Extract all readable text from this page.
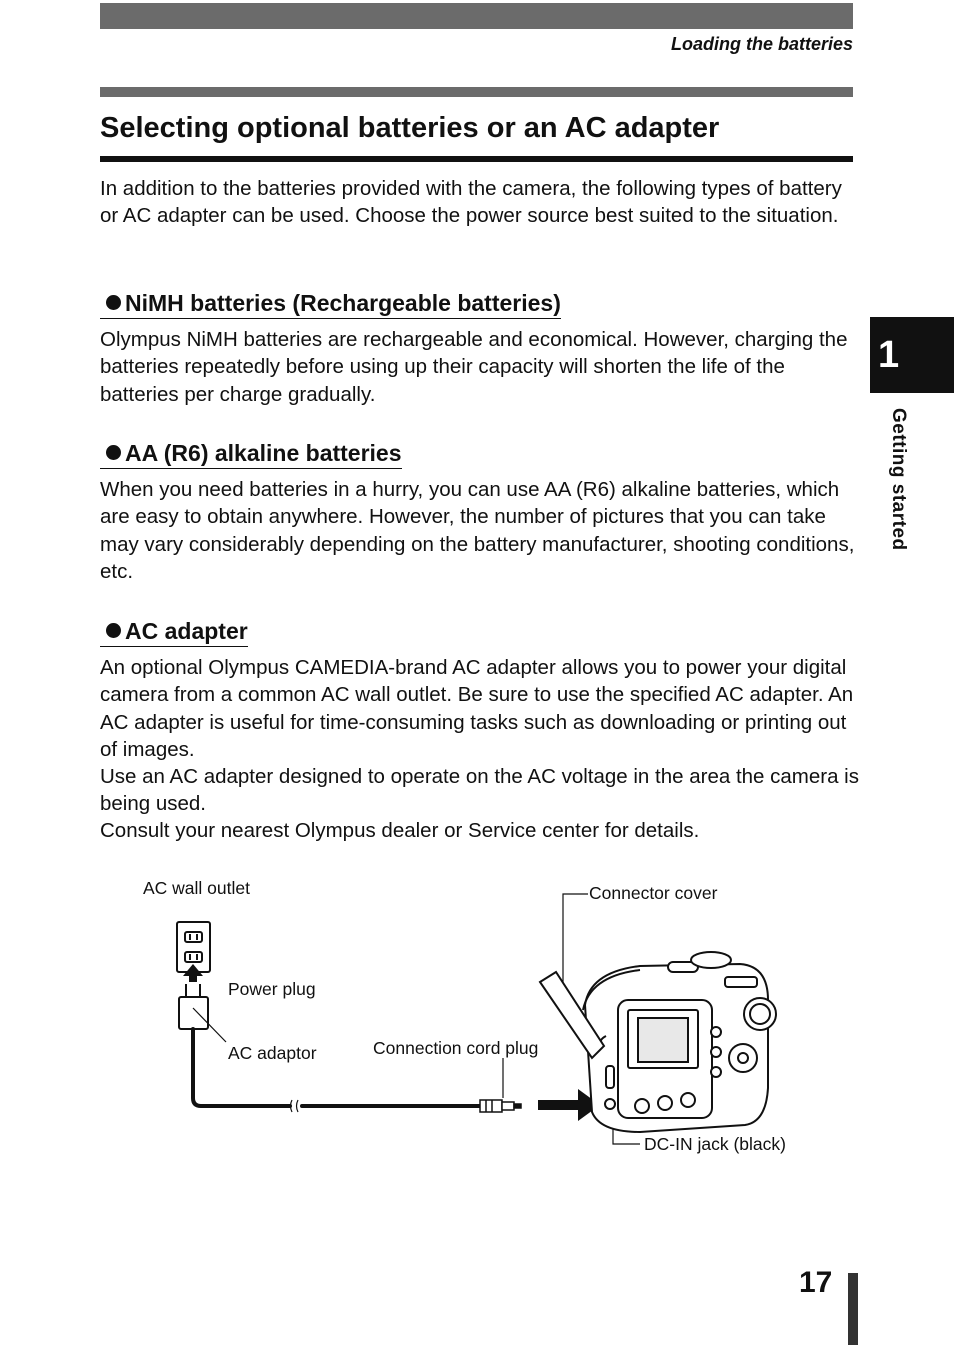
Loading the batteries
Selecting optional batteries or an AC adapter
In addition to the batteries provided with the camera, the following types of battery or AC adapter can be used. Choose the power source best suited to the situation.
NiMH batteries (Rechargeable batteries)
Olympus NiMH batteries are rechargeable and economical. However, charging the batteries repeatedly before using up their capacity will shorten the life of the batteries per charge gradually.
AA (R6) alkaline batteries
When you need batteries in a hurry, you can use AA (R6) alkaline batteries, which are easy to obtain anywhere. However, the number of pictures that you can take may vary considerably depending on the battery manufacturer, shooting conditions, etc.
AC adapter
An optional Olympus CAMEDIA-brand AC adapter allows you to power your digital camera from a common AC wall outlet. Be sure to use the specified AC adapter. An AC adapter is useful for time-consuming tasks such as downloading or printing out of images.
Use an AC adapter designed to operate on the AC voltage in the area the camera is being used.
Consult your nearest Olympus dealer or Service center for details.
1
Getting started
AC wall outlet
Power plug
AC adaptor	Connection cord plug
Connector cover
DC-IN jack (black)
17
